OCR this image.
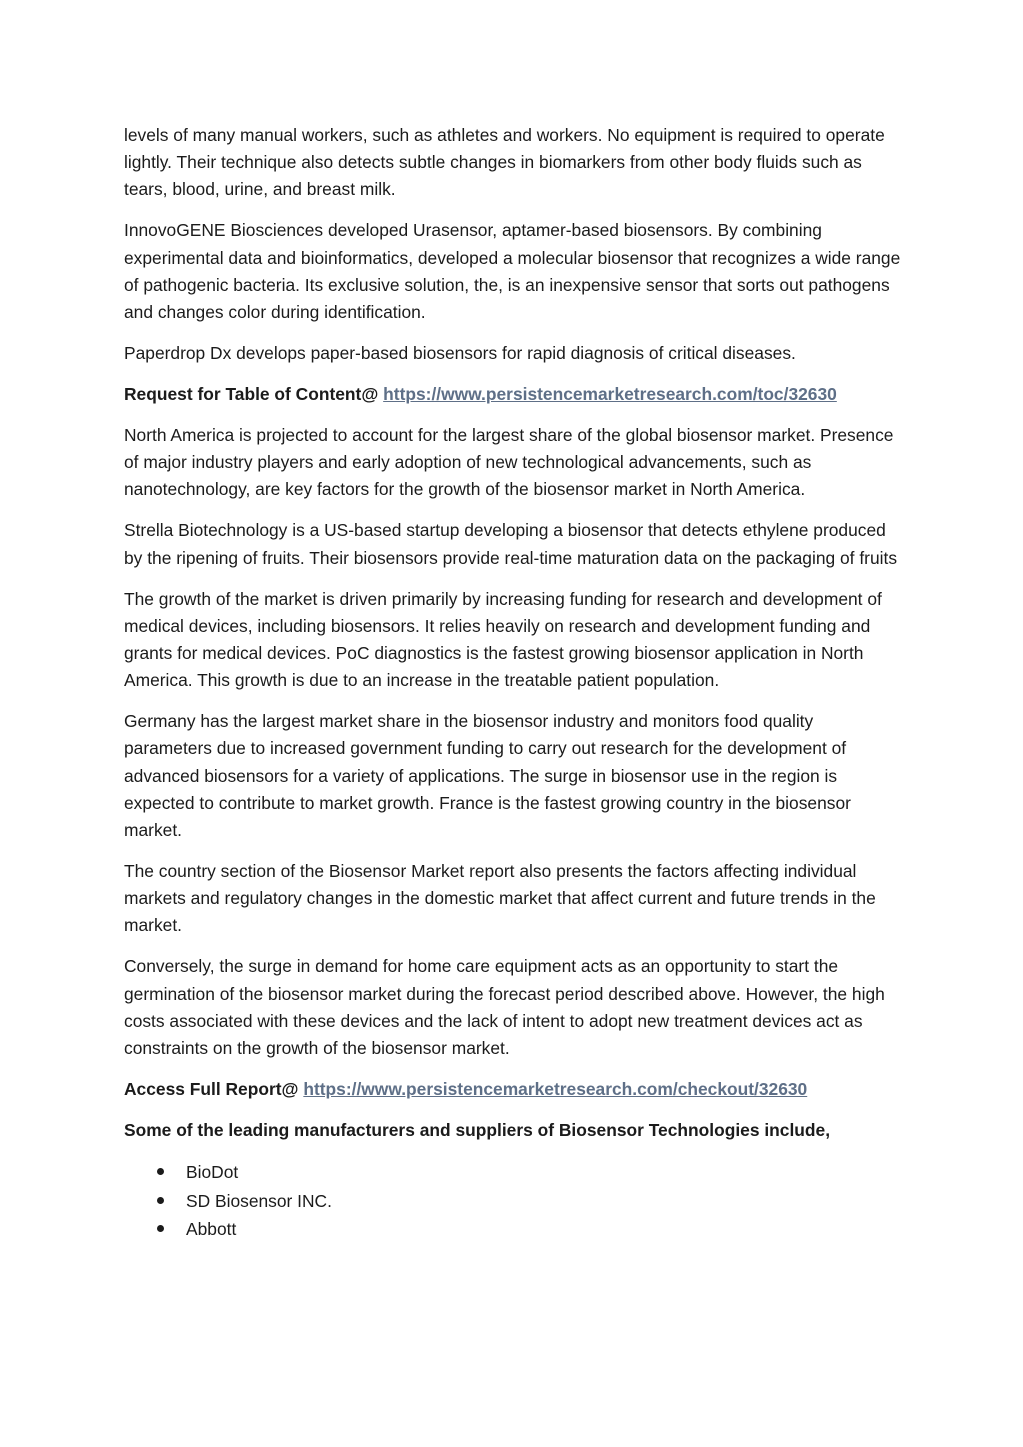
levels of many manual workers, such as athletes and workers. No equipment is required to operate lightly. Their technique also detects subtle changes in biomarkers from other body fluids such as tears, blood, urine, and breast milk.

InnovoGENE Biosciences developed Urasensor, aptamer-based biosensors. By combining experimental data and bioinformatics, developed a molecular biosensor that recognizes a wide range of pathogenic bacteria. Its exclusive solution, the, is an inexpensive sensor that sorts out pathogens and changes color during identification.

Paperdrop Dx develops paper-based biosensors for rapid diagnosis of critical diseases.

Request for Table of Content@ https://www.persistencemarketresearch.com/toc/32630

North America is projected to account for the largest share of the global biosensor market. Presence of major industry players and early adoption of new technological advancements, such as nanotechnology, are key factors for the growth of the biosensor market in North America.

Strella Biotechnology is a US-based startup developing a biosensor that detects ethylene produced by the ripening of fruits. Their biosensors provide real-time maturation data on the packaging of fruits

The growth of the market is driven primarily by increasing funding for research and development of medical devices, including biosensors. It relies heavily on research and development funding and grants for medical devices. PoC diagnostics is the fastest growing biosensor application in North America. This growth is due to an increase in the treatable patient population.

Germany has the largest market share in the biosensor industry and monitors food quality parameters due to increased government funding to carry out research for the development of advanced biosensors for a variety of applications. The surge in biosensor use in the region is expected to contribute to market growth. France is the fastest growing country in the biosensor market.

The country section of the Biosensor Market report also presents the factors affecting individual markets and regulatory changes in the domestic market that affect current and future trends in the market.

Conversely, the surge in demand for home care equipment acts as an opportunity to start the germination of the biosensor market during the forecast period described above. However, the high costs associated with these devices and the lack of intent to adopt new treatment devices act as constraints on the growth of the biosensor market.

Access Full Report@ https://www.persistencemarketresearch.com/checkout/32630

Some of the leading manufacturers and suppliers of Biosensor Technologies include,

BioDot
SD Biosensor INC.
Abbott
